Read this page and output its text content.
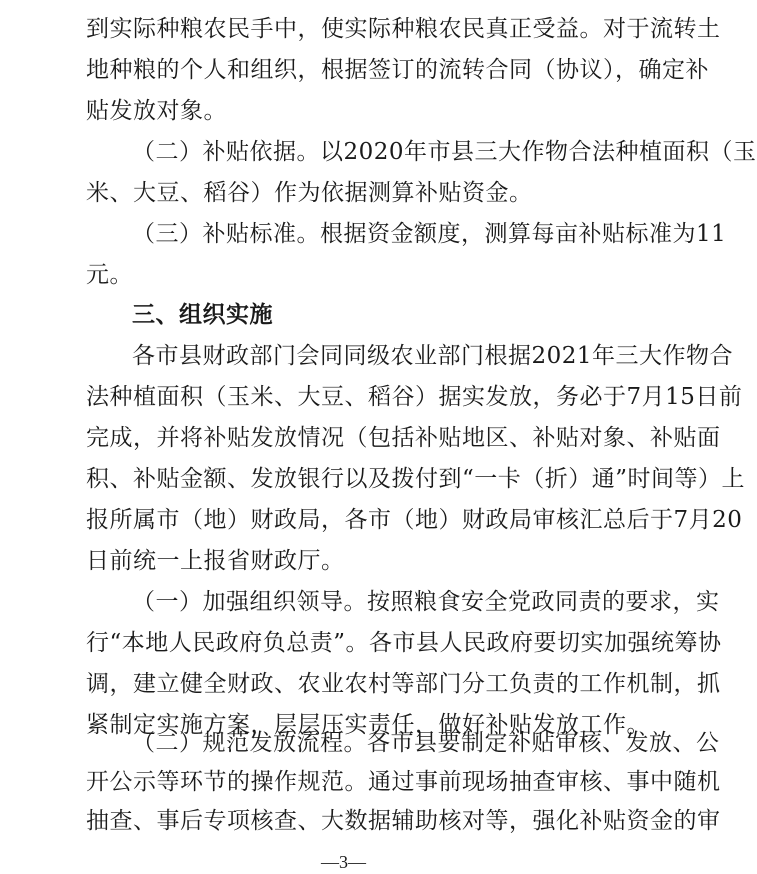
到实际种粮农民手中，使实际种粮农民真正受益。对于流转土
地种粮的个人和组织，根据签订的流转合同（协议），确定补
贴发放对象。
（二）补贴依据。以2020年市县三大作物合法种植面积（玉
米、大豆、稻谷）作为依据测算补贴资金。
（三）补贴标准。根据资金额度，测算每亩补贴标准为11
元。
三、组织实施
各市县财政部门会同同级农业部门根据2021年三大作物合
法种植面积（玉米、大豆、稻谷）据实发放，务必于7月15日前
完成，并将补贴发放情况（包括补贴地区、补贴对象、补贴面
积、补贴金额、发放银行以及拨付到“一卡（折）通”时间等）上
报所属市（地）财政局，各市（地）财政局审核汇总后于7月20
日前统一上报省财政厅。
（一）加强组织领导。按照粮食安全党政同责的要求，实
行“本地人民政府负总责”。各市县人民政府要切实加强统筹协
调，建立健全财政、农业农村等部门分工负责的工作机制，抓
紧制定实施方案，层层压实责任，做好补贴发放工作。
（二）规范发放流程。各市县要制定补贴审核、发放、公
开公示等环节的操作规范。通过事前现场抽查审核、事中随机
抽查、事后专项核查、大数据辅助核对等，强化补贴资金的审
—3—
